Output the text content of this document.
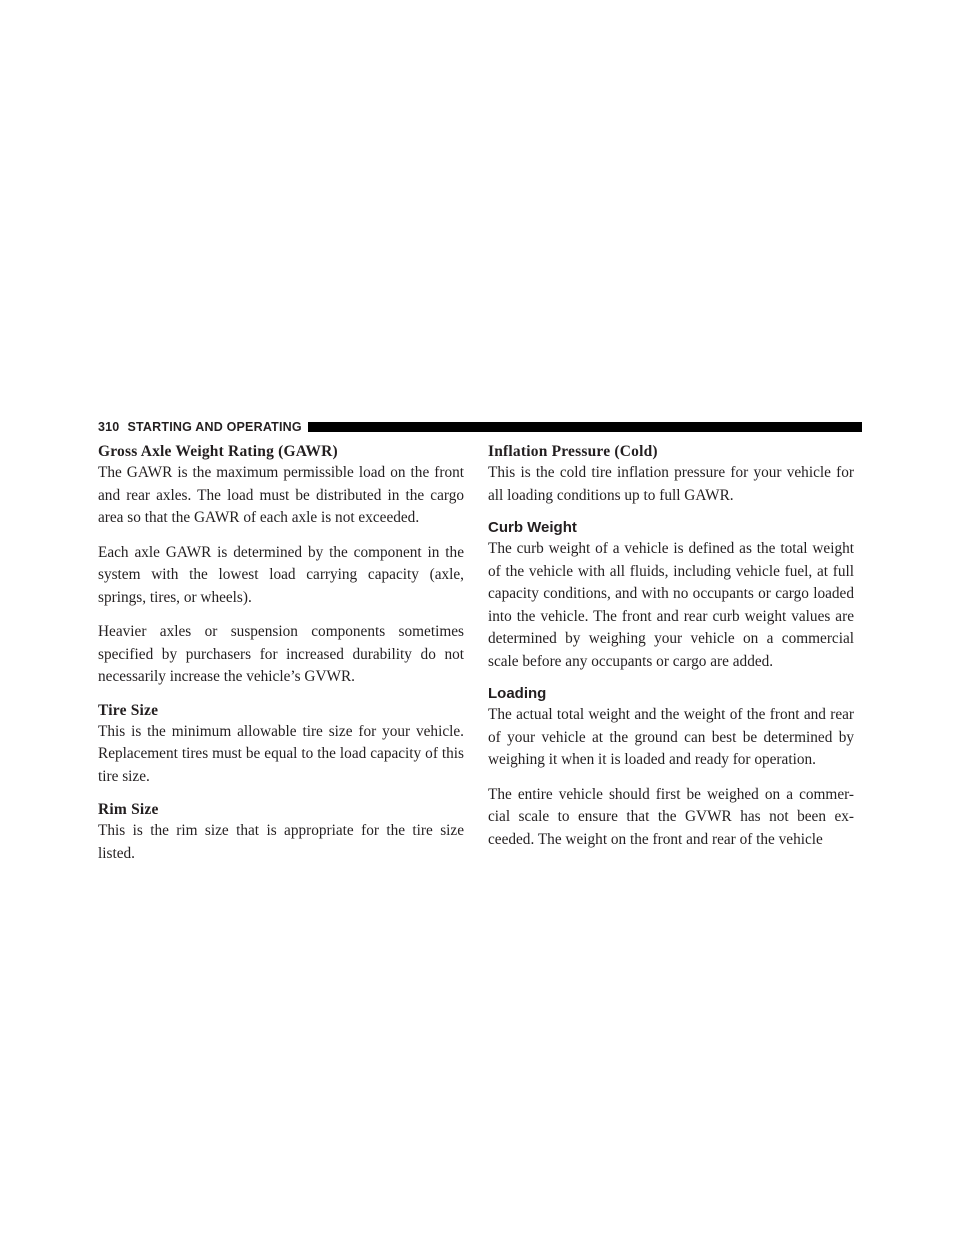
310 STARTING AND OPERATING
Gross Axle Weight Rating (GAWR)

The GAWR is the maximum permissible load on the front and rear axles. The load must be distributed in the cargo area so that the GAWR of each axle is not exceeded.

Each axle GAWR is determined by the component in the system with the lowest load carrying capacity (axle, springs, tires, or wheels).

Heavier axles or suspension components sometimes specified by purchasers for increased durability do not necessarily increase the vehicle’s GVWR.

Tire Size

This is the minimum allowable tire size for your vehicle. Replacement tires must be equal to the load capacity of this tire size.

Rim Size

This is the rim size that is appropriate for the tire size listed.

Inflation Pressure (Cold)

This is the cold tire inflation pressure for your vehicle for all loading conditions up to full GAWR.

Curb Weight

The curb weight of a vehicle is defined as the total weight of the vehicle with all fluids, including vehicle fuel, at full capacity conditions, and with no occupants or cargo loaded into the vehicle. The front and rear curb weight values are determined by weighing your vehicle on a commercial scale before any occupants or cargo are added.

Loading

The actual total weight and the weight of the front and rear of your vehicle at the ground can best be determined by weighing it when it is loaded and ready for operation.

The entire vehicle should first be weighed on a commer- cial scale to ensure that the GVWR has not been ex- ceeded. The weight on the front and rear of the vehicle
